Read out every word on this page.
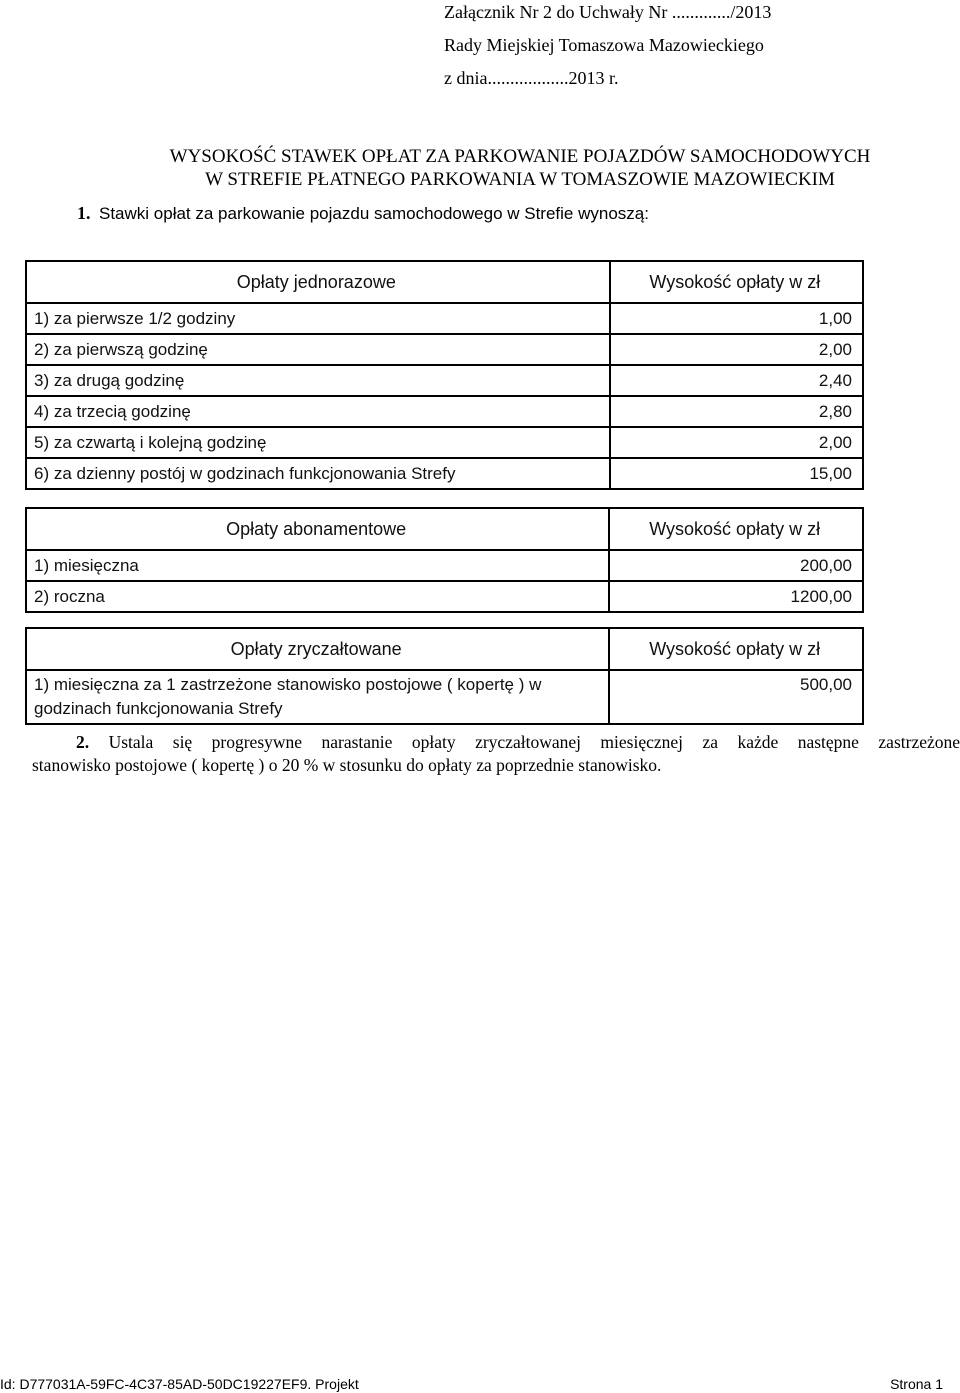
Załącznik Nr 2 do Uchwały Nr ............./2013
Rady Miejskiej Tomaszowa Mazowieckiego
z dnia..................2013 r.
WYSOKOŚĆ STAWEK OPŁAT ZA PARKOWANIE POJAZDÓW SAMOCHODOWYCH
W STREFIE PŁATNEGO PARKOWANIA W TOMASZOWIE MAZOWIECKIM
1. Stawki opłat za parkowanie pojazdu samochodowego w Strefie wynoszą:
Opłaty jednorazowe	Wysokość opłaty w zł
1) za pierwsze 1/2 godziny	1,00
2) za pierwszą godzinę	2,00
3) za drugą godzinę	2,40
4) za trzecią godzinę	2,80
5) za czwartą i kolejną godzinę	2,00
6) za dzienny postój w godzinach funkcjonowania Strefy	15,00
Opłaty abonamentowe	Wysokość opłaty w zł
1) miesięczna	200,00
2) roczna	1200,00
Opłaty zryczałtowane	Wysokość opłaty w zł
1) miesięczna za 1 zastrzeżone stanowisko postojowe ( kopertę ) w godzinach funkcjonowania Strefy	500,00
2. Ustala się progresywne narastanie opłaty zryczałtowanej miesięcznej za każde następne zastrzeżone
stanowisko postojowe ( kopertę ) o 20 % w stosunku do opłaty za poprzednie stanowisko.
Id: D777031A-59FC-4C37-85AD-50DC19227EF9. Projekt	Strona 1
